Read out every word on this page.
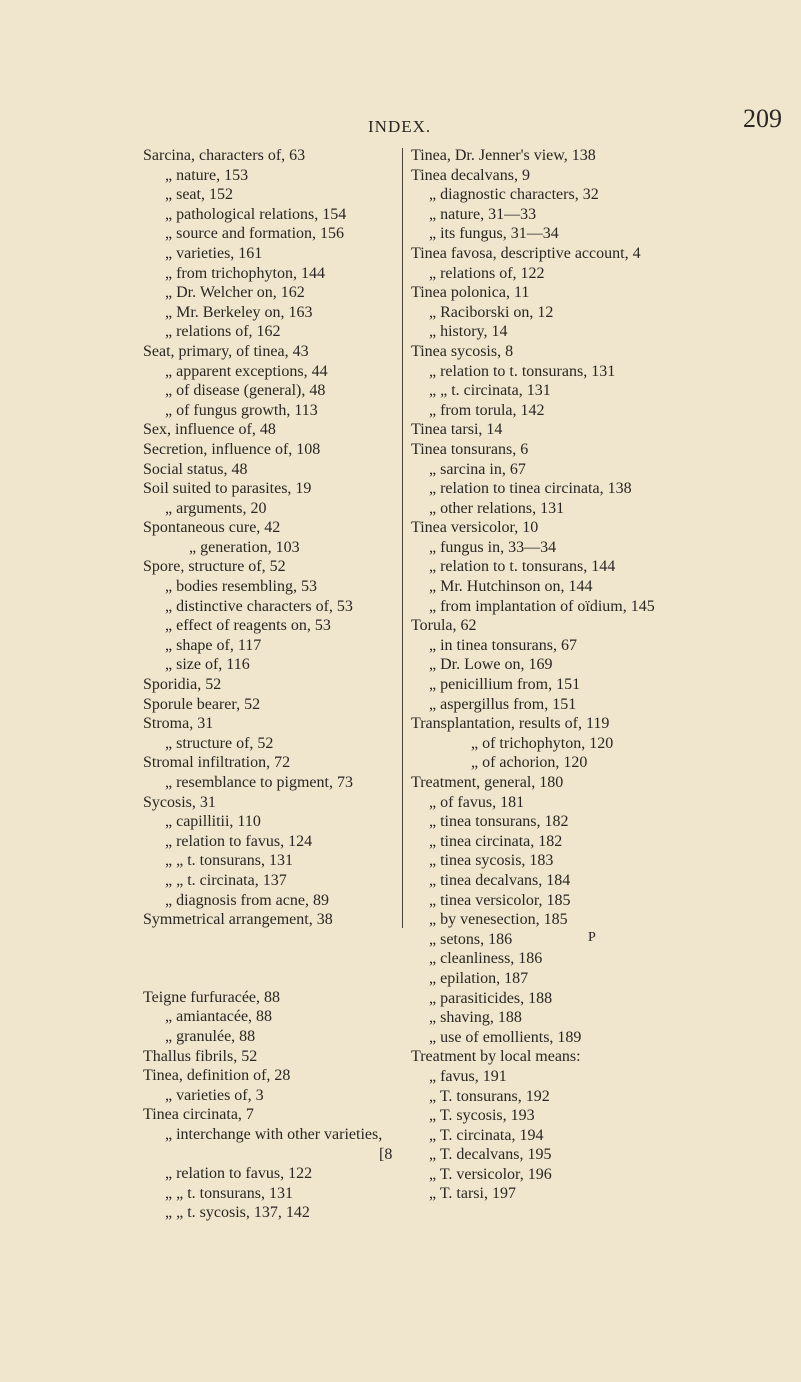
INDEX.	209
Sarcina, characters of, 63
„ nature, 153
„ seat, 152
„ pathological relations, 154
„ source and formation, 156
„ varieties, 161
„ from trichophyton, 144
„ Dr. Welcher on, 162
„ Mr. Berkeley on, 163
„ relations of, 162
Seat, primary, of tinea, 43
„ apparent exceptions, 44
„ of disease (general), 48
„ of fungus growth, 113
Sex, influence of, 48
Secretion, influence of, 108
Social status, 48
Soil suited to parasites, 19
„ arguments, 20
Spontaneous cure, 42
„ generation, 103
Spore, structure of, 52
„ bodies resembling, 53
„ distinctive characters of, 53
„ effect of reagents on, 53
„ shape of, 117
„ size of, 116
Sporidia, 52
Sporule bearer, 52
Stroma, 31
„ structure of, 52
Stromal infiltration, 72
„ resemblance to pigment, 73
Sycosis, 31
„ capillitii, 110
„ relation to favus, 124
„ „ t. tonsurans, 131
„ „ t. circinata, 137
„ diagnosis from acne, 89
Symmetrical arrangement, 38
Teigne furfuracée, 88
„ amiantacée, 88
„ granulée, 88
Thallus fibrils, 52
Tinea, definition of, 28
„ varieties of, 3
Tinea circinata, 7
„ interchange with other varieties,
[8
„ relation to favus, 122
„ „ t. tonsurans, 131
„ „ t. sycosis, 137, 142
Tinea, Dr. Jenner's view, 138
Tinea decalvans, 9
„ diagnostic characters, 32
„ nature, 31—33
„ its fungus, 31—34
Tinea favosa, descriptive account, 4
„ relations of, 122
Tinea polonica, 11
„ Raciborski on, 12
„ history, 14
Tinea sycosis, 8
„ relation to t. tonsurans, 131
„ „ t. circinata, 131
„ from torula, 142
Tinea tarsi, 14
Tinea tonsurans, 6
„ sarcina in, 67
„ relation to tinea circinata, 138
„ other relations, 131
Tinea versicolor, 10
„ fungus in, 33—34
„ relation to t. tonsurans, 144
„ Mr. Hutchinson on, 144
„ from implantation of oïdium, 145
Torula, 62
„ in tinea tonsurans, 67
„ Dr. Lowe on, 169
„ penicillium from, 151
„ aspergillus from, 151
Transplantation, results of, 119
„ of trichophyton, 120
„ of achorion, 120
Treatment, general, 180
„ of favus, 181
„ tinea tonsurans, 182
„ tinea circinata, 182
„ tinea sycosis, 183
„ tinea decalvans, 184
„ tinea versicolor, 185
„ by venesection, 185
„ setons, 186
„ cleanliness, 186
„ epilation, 187
„ parasiticides, 188
„ shaving, 188
„ use of emollients, 189
Treatment by local means:
„ favus, 191
„ T. tonsurans, 192
„ T. sycosis, 193
„ T. circinata, 194
„ T. decalvans, 195
„ T. versicolor, 196
„ T. tarsi, 197
P
